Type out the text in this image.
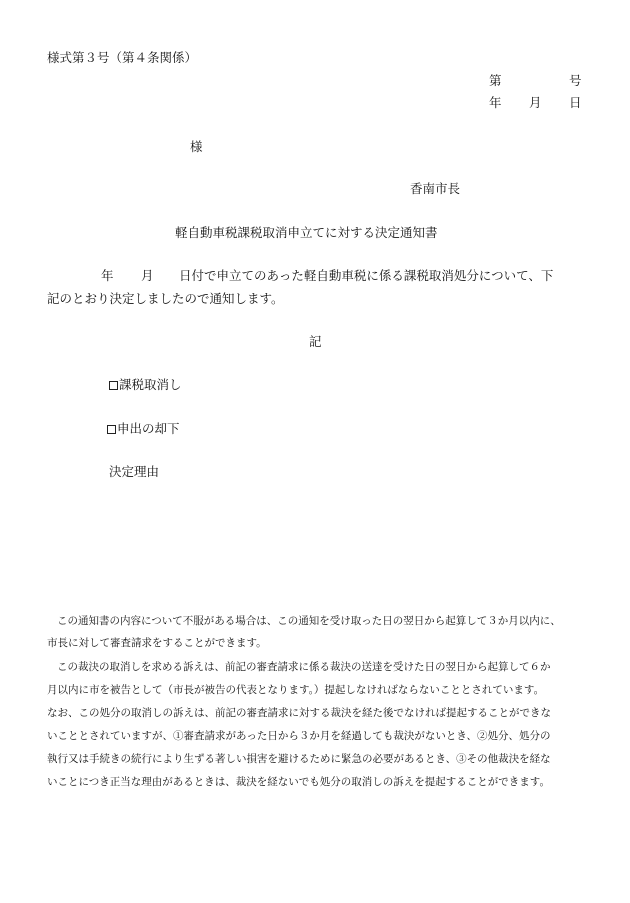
様式第３号（第４条関係）
第	号
年 月 日
様
香南市長
軽自動車税課税取消申立てに対する決定通知書
年 月 日付で申立てのあった軽自動車税に係る課税取消処分について、下
記のとおり決定しましたので通知します。
記
課税取消し
申出の却下
決定理由
この通知書の内容について不服がある場合は、この通知を受け取った日の翌日から起算して３か月以内に、
市長に対して審査請求をすることができます。
この裁決の取消しを求める訴えは、前記の審査請求に係る裁決の送達を受けた日の翌日から起算して６か
月以内に市を被告として（市長が被告の代表となります。）提起しなければならないこととされています。
なお、この処分の取消しの訴えは、前記の審査請求に対する裁決を経た後でなければ提起することができな
いこととされていますが、①審査請求があった日から３か月を経過しても裁決がないとき、②処分、処分の
執行又は手続きの続行により生ずる著しい損害を避けるために緊急の必要があるとき、③その他裁決を経な
いことにつき正当な理由があるときは、裁決を経ないでも処分の取消しの訴えを提起することができます。
